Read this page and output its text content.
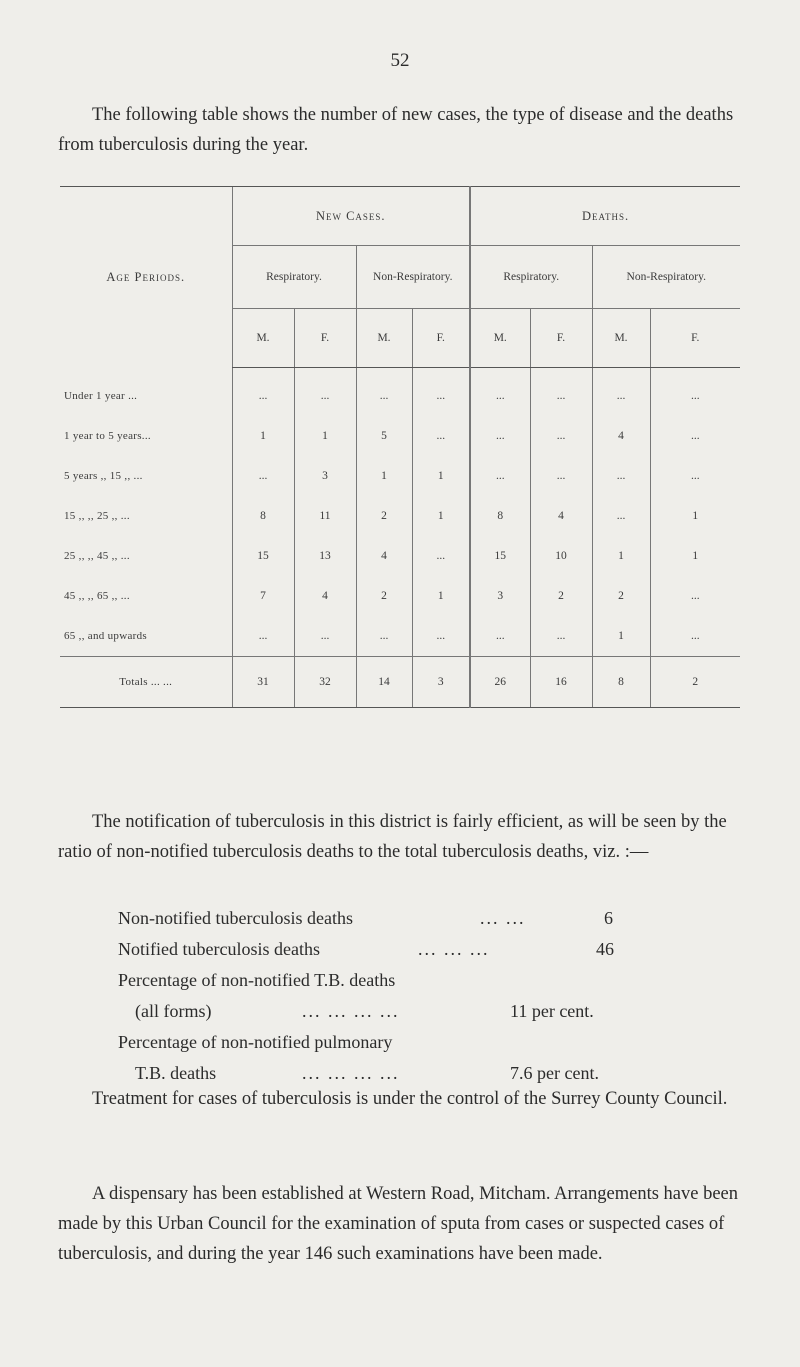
52

The following table shows the number of new cases, the type of disease and the deaths from tuberculosis during the year.

Age Periods.	New Cases.				Deaths.			
	Respiratory.		Non-Respiratory.		Respiratory.		Non-Respiratory.	
	M.	F.	M.	F.	M.	F.	M.	F.
Under 1 year ...	...	...	...	...	...	...	...	...
1 year to 5 years...	1	1	5	...	...	...	4	...
5 years ,, 15 ,, ...	...	3	1	1	...	...	...	...
15 ,, ,, 25 ,, ...	8	11	2	1	8	4	...	1
25 ,, ,, 45 ,, ...	15	13	4	...	15	10	1	1
45 ,, ,, 65 ,, ...	7	4	2	1	3	2	2	...
65 ,, and upwards	...	...	...	...	...	...	1	...
Totals ... ...	31	32	14	3	26	16	8	2

The notification of tuberculosis in this district is fairly efficient, as will be seen by the ratio of non-notified tuberculosis deaths to the total tuberculosis deaths, viz. :—

Non-notified tuberculosis deaths	... ...	6
Notified tuberculosis deaths	... ... ...	46
Percentage of non-notified T.B. deaths
(all forms)	... ... ... ...	11 per cent.
Percentage of non-notified pulmonary
T.B. deaths	... ... ... ...	7.6 per cent.

Treatment for cases of tuberculosis is under the control of the Surrey County Council.

A dispensary has been established at Western Road, Mitcham. Arrangements have been made by this Urban Council for the examination of sputa from cases or suspected cases of tuberculosis, and during the year 146 such examinations have been made.
